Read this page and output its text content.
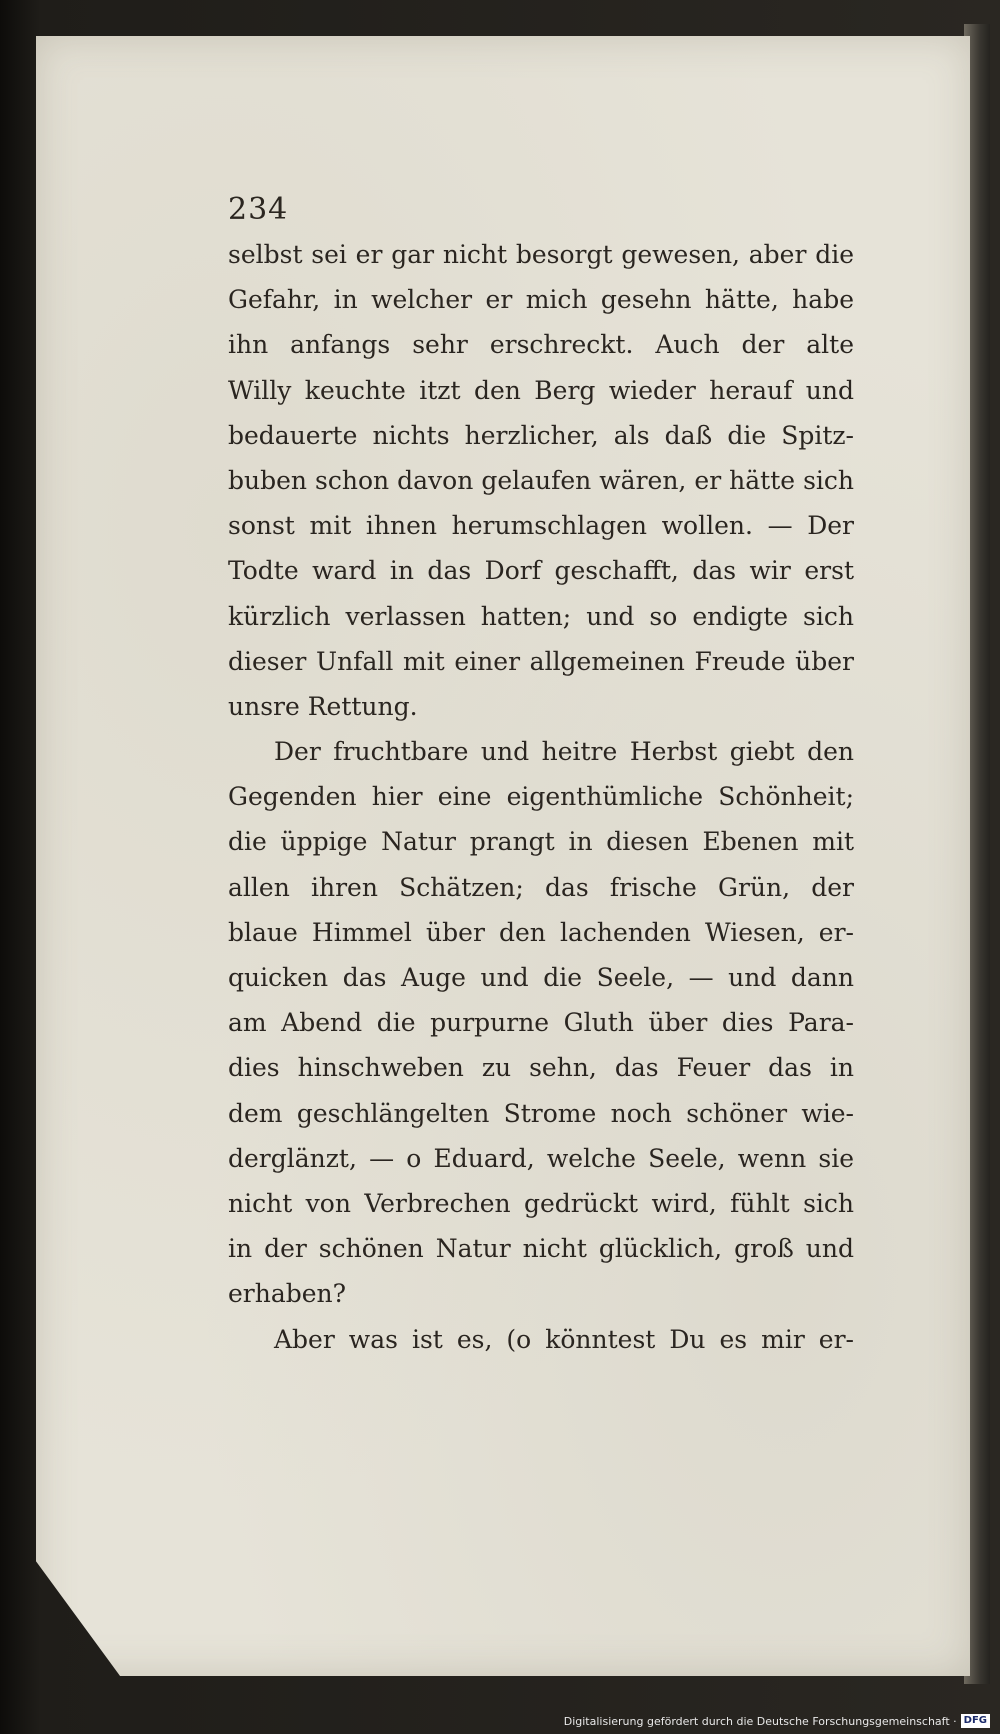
234
selbst sei er gar nicht besorgt gewesen, aber die
Gefahr, in welcher er mich gesehn hätte, habe
ihn anfangs sehr erschreckt. Auch der alte
Willy keuchte itzt den Berg wieder herauf und
bedauerte nichts herzlicher, als daß die Spitz-
buben schon davon gelaufen wären, er hätte sich
sonst mit ihnen herumschlagen wollen. — Der
Todte ward in das Dorf geschafft, das wir erst
kürzlich verlassen hatten; und so endigte sich
dieser Unfall mit einer allgemeinen Freude über
unsre Rettung.
Der fruchtbare und heitre Herbst giebt den
Gegenden hier eine eigenthümliche Schönheit;
die üppige Natur prangt in diesen Ebenen mit
allen ihren Schätzen; das frische Grün, der
blaue Himmel über den lachenden Wiesen, er-
quicken das Auge und die Seele, — und dann
am Abend die purpurne Gluth über dies Para-
dies hinschweben zu sehn, das Feuer das in
dem geschlängelten Strome noch schöner wie-
derglänzt, — o Eduard, welche Seele, wenn sie
nicht von Verbrechen gedrückt wird, fühlt sich
in der schönen Natur nicht glücklich, groß und
erhaben?
Aber was ist es, (o könntest Du es mir er-
Digitalisierung gefördert durch die Deutsche Forschungsgemeinschaft · DFG
